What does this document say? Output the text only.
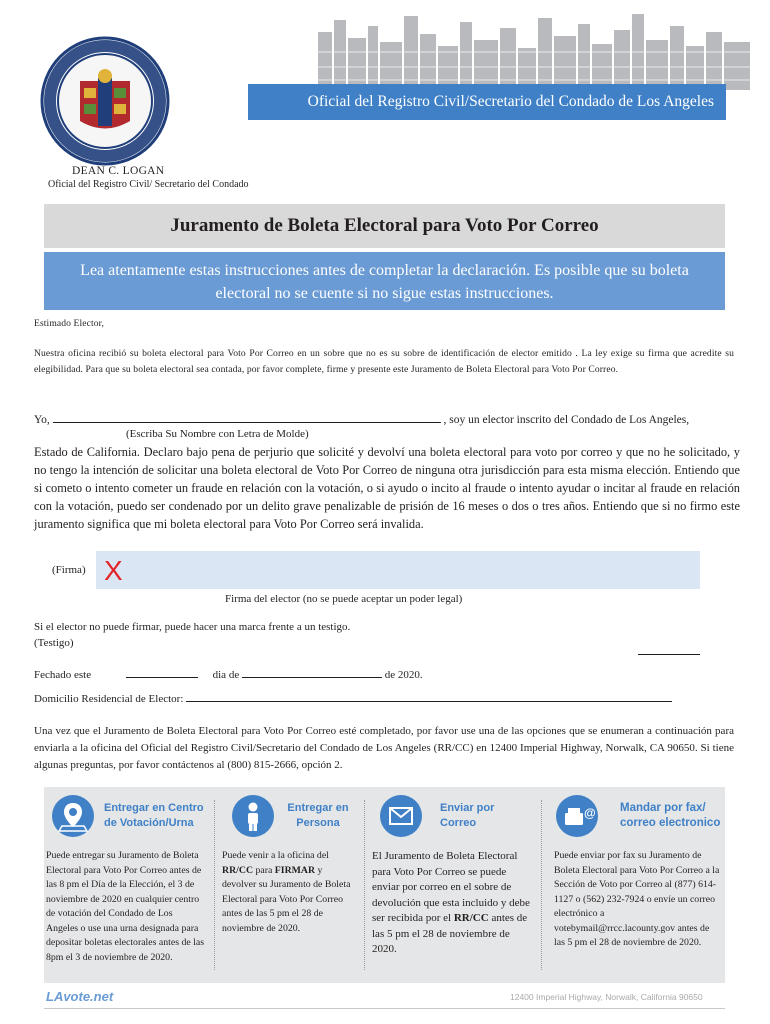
Oficial del Registro Civil/Secretario del Condado de Los Angeles
DEAN C. LOGAN
Oficial del Registro Civil/ Secretario del Condado
Juramento de Boleta Electoral para Voto Por Correo
Lea atentamente estas instrucciones antes de completar la declaración. Es posible que su boleta electoral no se cuente si no sigue estas instrucciones.
Estimado Elector,
Nuestra oficina recibió su boleta electoral para Voto Por Correo en un sobre que no es su sobre de identificación de elector emitido . La ley exige su firma que acredite su elegibilidad. Para que su boleta electoral sea contada, por favor complete, firme y presente este Juramento de Boleta Electoral para Voto Por Correo.
Yo,	, soy un elector inscrito del Condado de Los Angeles,
(Escriba Su Nombre con Letra de Molde)
Estado de California. Declaro bajo pena de perjurio que solicité y devolví una boleta electoral para voto por correo y que no he solicitado, y no tengo la intención de solicitar una boleta electoral de Voto Por Correo de ninguna otra jurisdicción para esta misma elección. Entiendo que si cometo o intento cometer un fraude en relación con la votación, o si ayudo o incito al fraude o intento ayudar o incitar al fraude en relación con la votación, puedo ser condenado por un delito grave penalizable de prisión de 16 meses o dos o tres años. Entiendo que si no firmo este juramento significa que mi boleta electoral para Voto Por Correo será invalida.
(Firma) X
Firma del elector (no se puede aceptar un poder legal)
Si el elector no puede firmar, puede hacer una marca frente a un testigo.
(Testigo)
Fechado este	dia de	de 2020.
Domicilio Residencial de Elector:
Una vez que el Juramento de Boleta Electoral para Voto Por Correo esté completado, por favor use una de las opciones que se enumeran a continuación para enviarla a la oficina del Oficial del Registro Civil/Secretario del Condado de Los Angeles (RR/CC) en 12400 Imperial Highway, Norwalk, CA 90650. Si tiene algunas preguntas, por favor contáctenos al (800) 815-2666, opción 2.
Entregar en Centro de Votación/Urna
Puede entregar su Juramento de Boleta Electoral para Voto Por Correo antes de las 8 pm el Día de la Elección, el 3 de noviembre de 2020 en cualquier centro de votación del Condado de Los Angeles o use una urna designada para depositar boletas electorales antes de las 8pm el 3 de noviembre de 2020.
Entregar en Persona
Puede venir a la oficina del RR/CC para FIRMAR y devolver su Juramento de Boleta Electoral para Voto Por Correo antes de las 5 pm el 28 de noviembre de 2020.
Enviar por Correo
El Juramento de Boleta Electoral para Voto Por Correo se puede enviar por correo en el sobre de devolución que esta incluido y debe ser recibida por el RR/CC antes de las 5 pm el 28 de noviembre de 2020.
@ Mandar por fax/ correo electronico
Puede enviar por fax su Juramento de Boleta Electoral para Voto Por Correo a la Sección de Voto por Correo al (877) 614-1127 o (562) 232-7924 o envíe un correo electrónico a votebymail@rrcc.lacounty.gov antes de las 5 pm el 28 de noviembre de 2020.
LAvote.net	12400 Imperial Highway, Norwalk, California 90650
